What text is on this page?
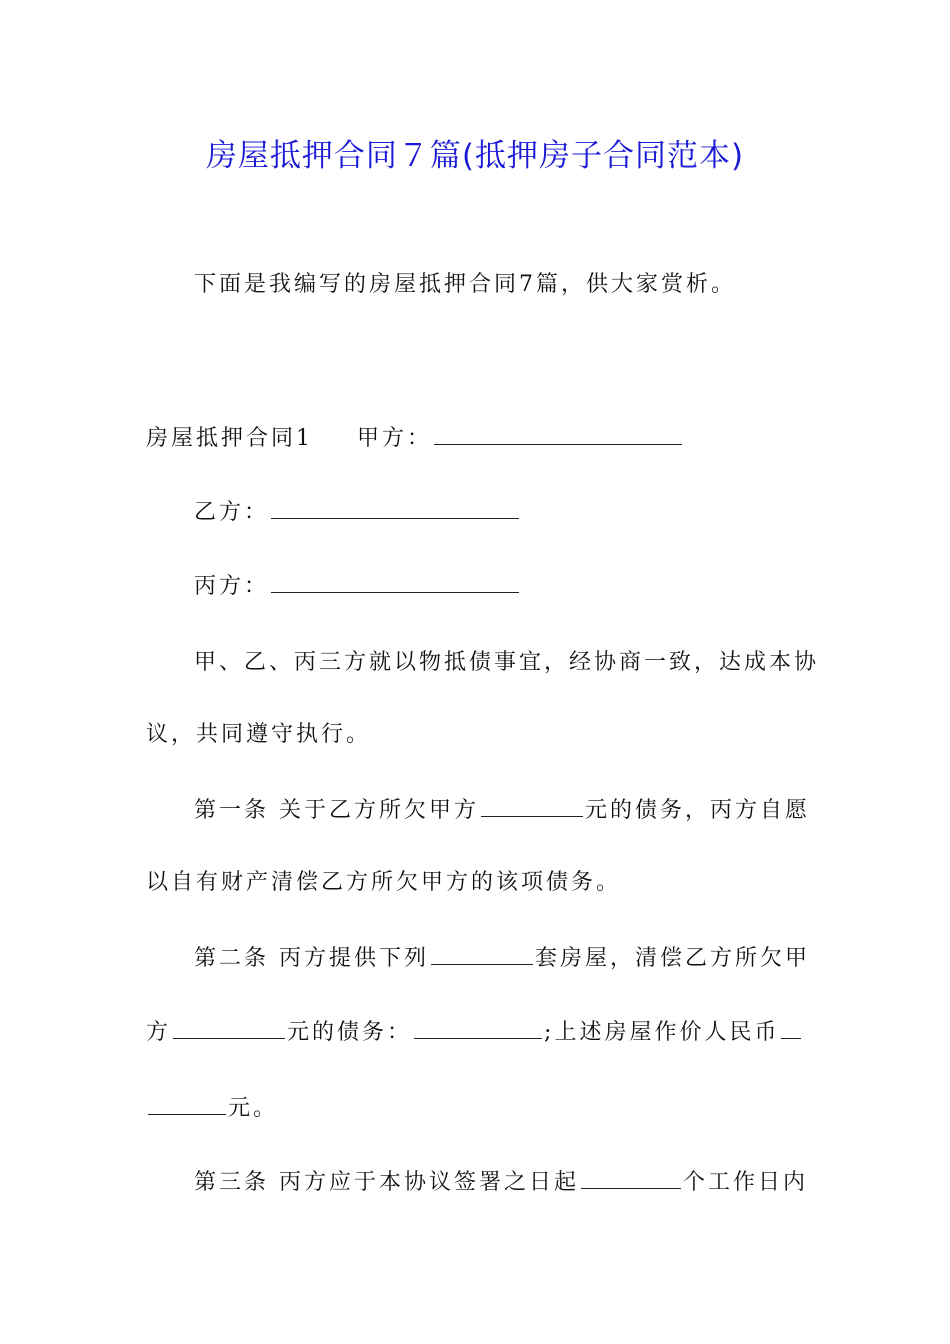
房屋抵押合同７篇(抵押房子合同范本)
下面是我编写的房屋抵押合同7篇，供大家赏析。
房屋抵押合同1 甲方：
乙方：
丙方：
甲、乙、丙三方就以物抵债事宜，经协商一致，达成本协
议，共同遵守执行。
第一条 关于乙方所欠甲方	元的债务，丙方自愿
以自有财产清偿乙方所欠甲方的该项债务。
第二条 丙方提供下列	套房屋，清偿乙方所欠甲
方	元的债务：	;上述房屋作价人民币
元。
第三条 丙方应于本协议签署之日起	个工作日内
